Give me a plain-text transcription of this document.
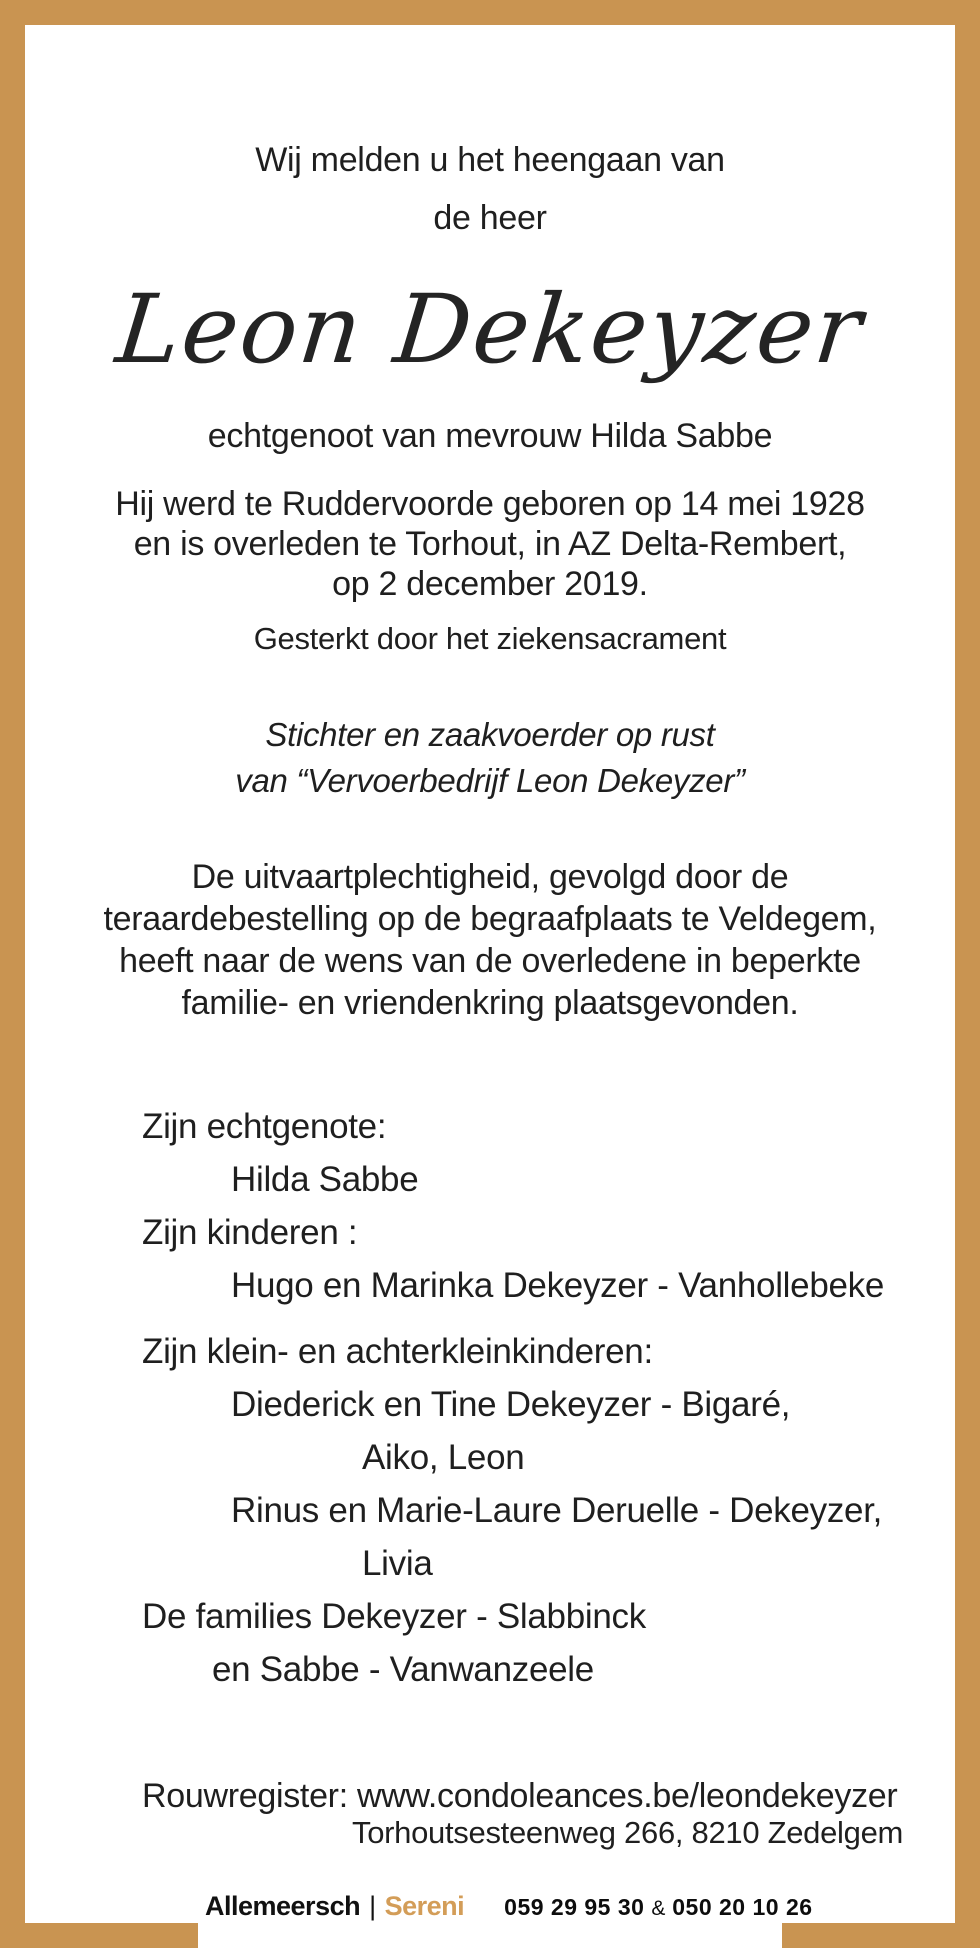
Wij melden u het heengaan van
de heer
Leon Dekeyzer
echtgenoot van mevrouw Hilda Sabbe
Hij werd te Ruddervoorde geboren op 14 mei 1928
en is overleden te Torhout, in AZ Delta-Rembert,
op 2 december 2019.
Gesterkt door het ziekensacrament
Stichter en zaakvoerder op rust
van “Vervoerbedrijf Leon Dekeyzer”
De uitvaartplechtigheid, gevolgd door de
teraardebestelling op de begraafplaats te Veldegem,
heeft naar de wens van de overledene in beperkte
familie- en vriendenkring plaatsgevonden.
Zijn echtgenote:
Hilda Sabbe
Zijn kinderen :
Hugo en Marinka Dekeyzer - Vanhollebeke
Zijn klein- en achterkleinkinderen:
Diederick en Tine Dekeyzer - Bigaré,
Aiko, Leon
Rinus en Marie-Laure Deruelle - Dekeyzer,
Livia
De families Dekeyzer - Slabbinck
en Sabbe - Vanwanzeele
Rouwregister: www.condoleances.be/leondekeyzer
Torhoutsesteenweg 266, 8210 Zedelgem
Allemeersch | Sereni 059 29 95 30 & 050 20 10 26
